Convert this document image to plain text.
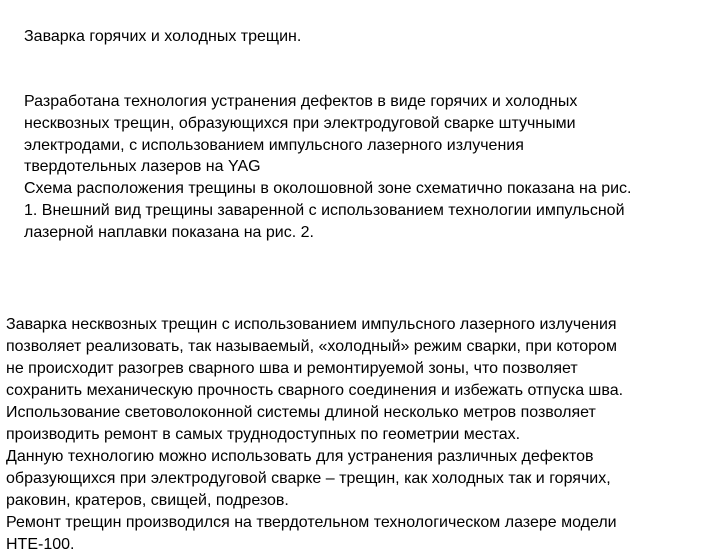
Заварка горячих и холодных трещин.
Разработана технология устранения дефектов в виде горячих и холодных
несквозных трещин, образующихся при электродуговой сварке штучными
электродами, с использованием импульсного лазерного излучения
твердотельных лазеров на YAG
Схема расположения трещины в околошовной зоне схематично показана на рис.
1. Внешний вид трещины заваренной с использованием технологии импульсной
лазерной наплавки показана на рис. 2.
Заварка несквозных трещин с использованием импульсного лазерного излучения
позволяет реализовать, так называемый, «холодный» режим сварки, при котором
не происходит разогрев сварного шва и ремонтируемой зоны, что позволяет
сохранить механическую прочность сварного соединения и избежать отпуска шва.
Использование световолоконной системы длиной несколько метров позволяет
производить ремонт в самых труднодоступных по геометрии местах.
Данную технологию можно использовать для устранения различных дефектов
образующихся при электродуговой сварке – трещин, как холодных так и горячих,
раковин, кратеров, свищей, подрезов.
Ремонт трещин производился на твердотельном технологическом лазере модели
НТЕ-100.
